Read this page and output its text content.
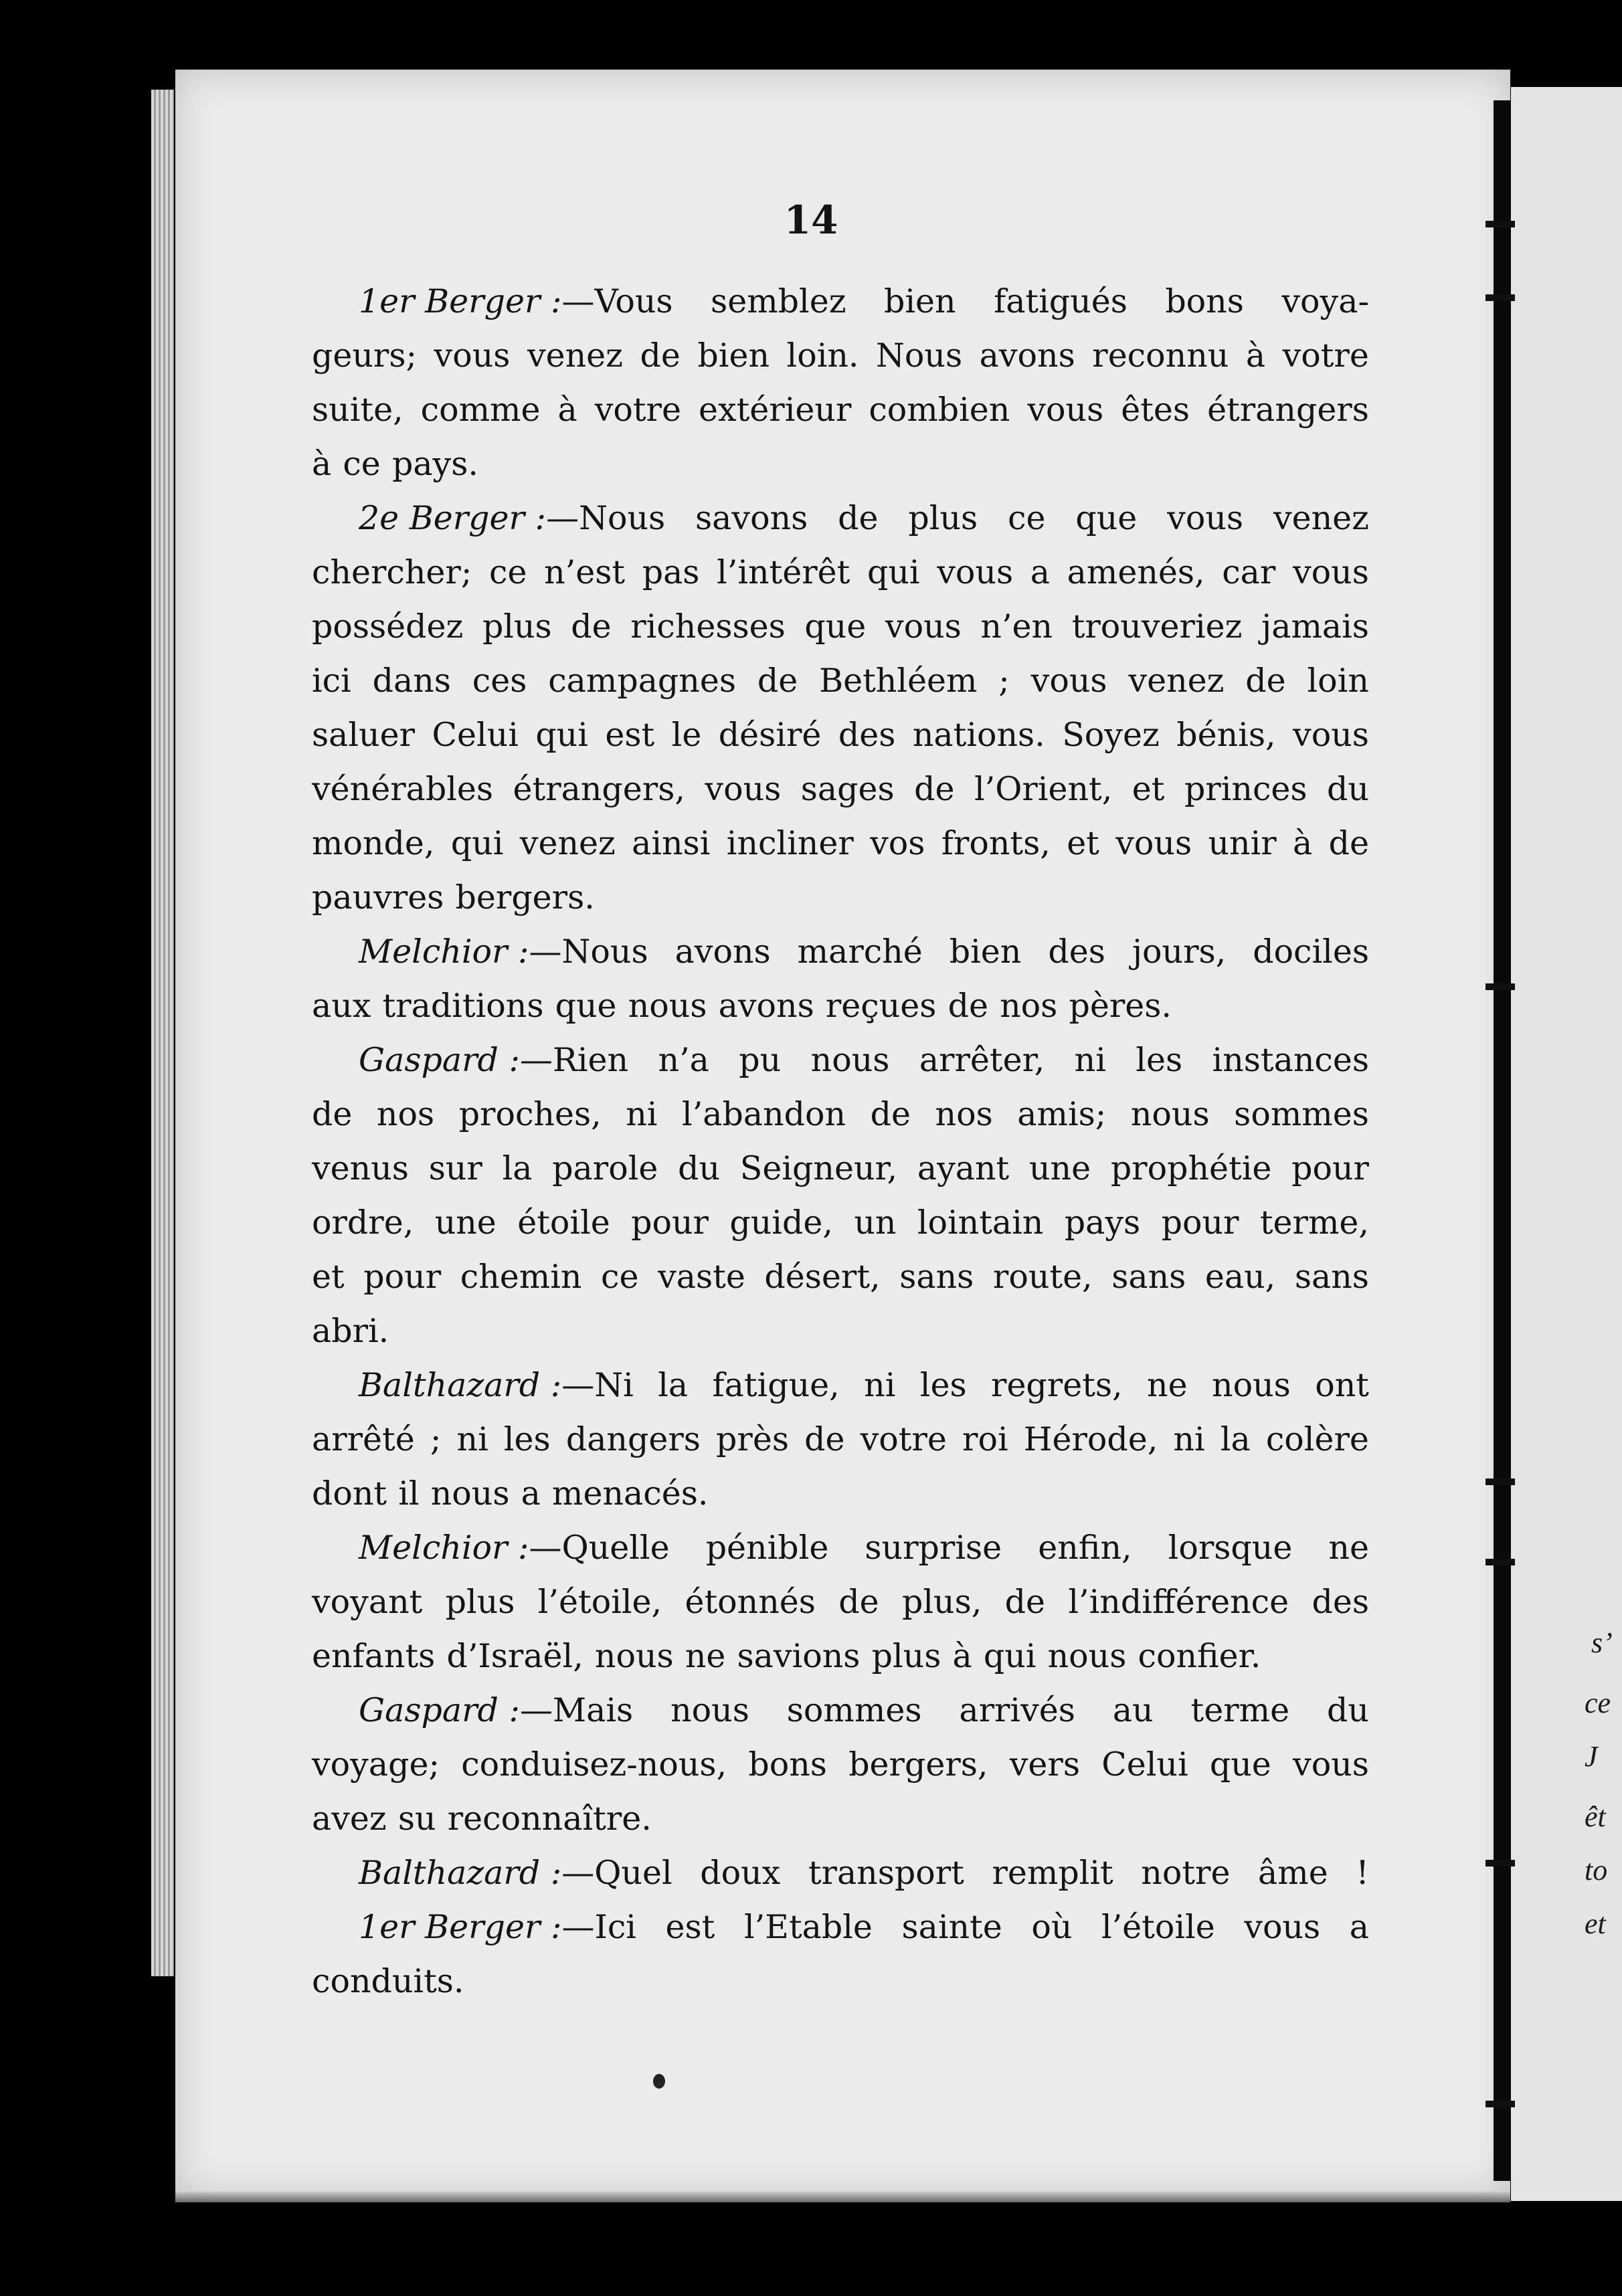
s’
ce
J
êt
to
et
14
1er Berger :—Vous semblez bien fatigués bons voya-
geurs; vous venez de bien loin. Nous avons reconnu à votre
suite, comme à votre extérieur combien vous êtes étrangers
à ce pays.
2e Berger :—Nous savons de plus ce que vous venez
chercher; ce n’est pas l’intérêt qui vous a amenés, car vous
possédez plus de richesses que vous n’en trouveriez jamais
ici dans ces campagnes de Bethléem ; vous venez de loin
saluer Celui qui est le désiré des nations. Soyez bénis, vous
vénérables étrangers, vous sages de l’Orient, et princes du
monde, qui venez ainsi incliner vos fronts, et vous unir à de
pauvres bergers.
Melchior :—Nous avons marché bien des jours, dociles
aux traditions que nous avons reçues de nos pères.
Gaspard :—Rien n’a pu nous arrêter, ni les instances
de nos proches, ni l’abandon de nos amis; nous sommes
venus sur la parole du Seigneur, ayant une prophétie pour
ordre, une étoile pour guide, un lointain pays pour terme,
et pour chemin ce vaste désert, sans route, sans eau, sans
abri.
Balthazard :—Ni la fatigue, ni les regrets, ne nous ont
arrêté ; ni les dangers près de votre roi Hérode, ni la colère
dont il nous a menacés.
Melchior :—Quelle pénible surprise enfin, lorsque ne
voyant plus l’étoile, étonnés de plus, de l’indifférence des
enfants d’Israël, nous ne savions plus à qui nous confier.
Gaspard :—Mais nous sommes arrivés au terme du
voyage; conduisez-nous, bons bergers, vers Celui que vous
avez su reconnaître.
Balthazard :—Quel doux transport remplit notre âme !
1er Berger :—Ici est l’Etable sainte où l’étoile vous a
conduits.
